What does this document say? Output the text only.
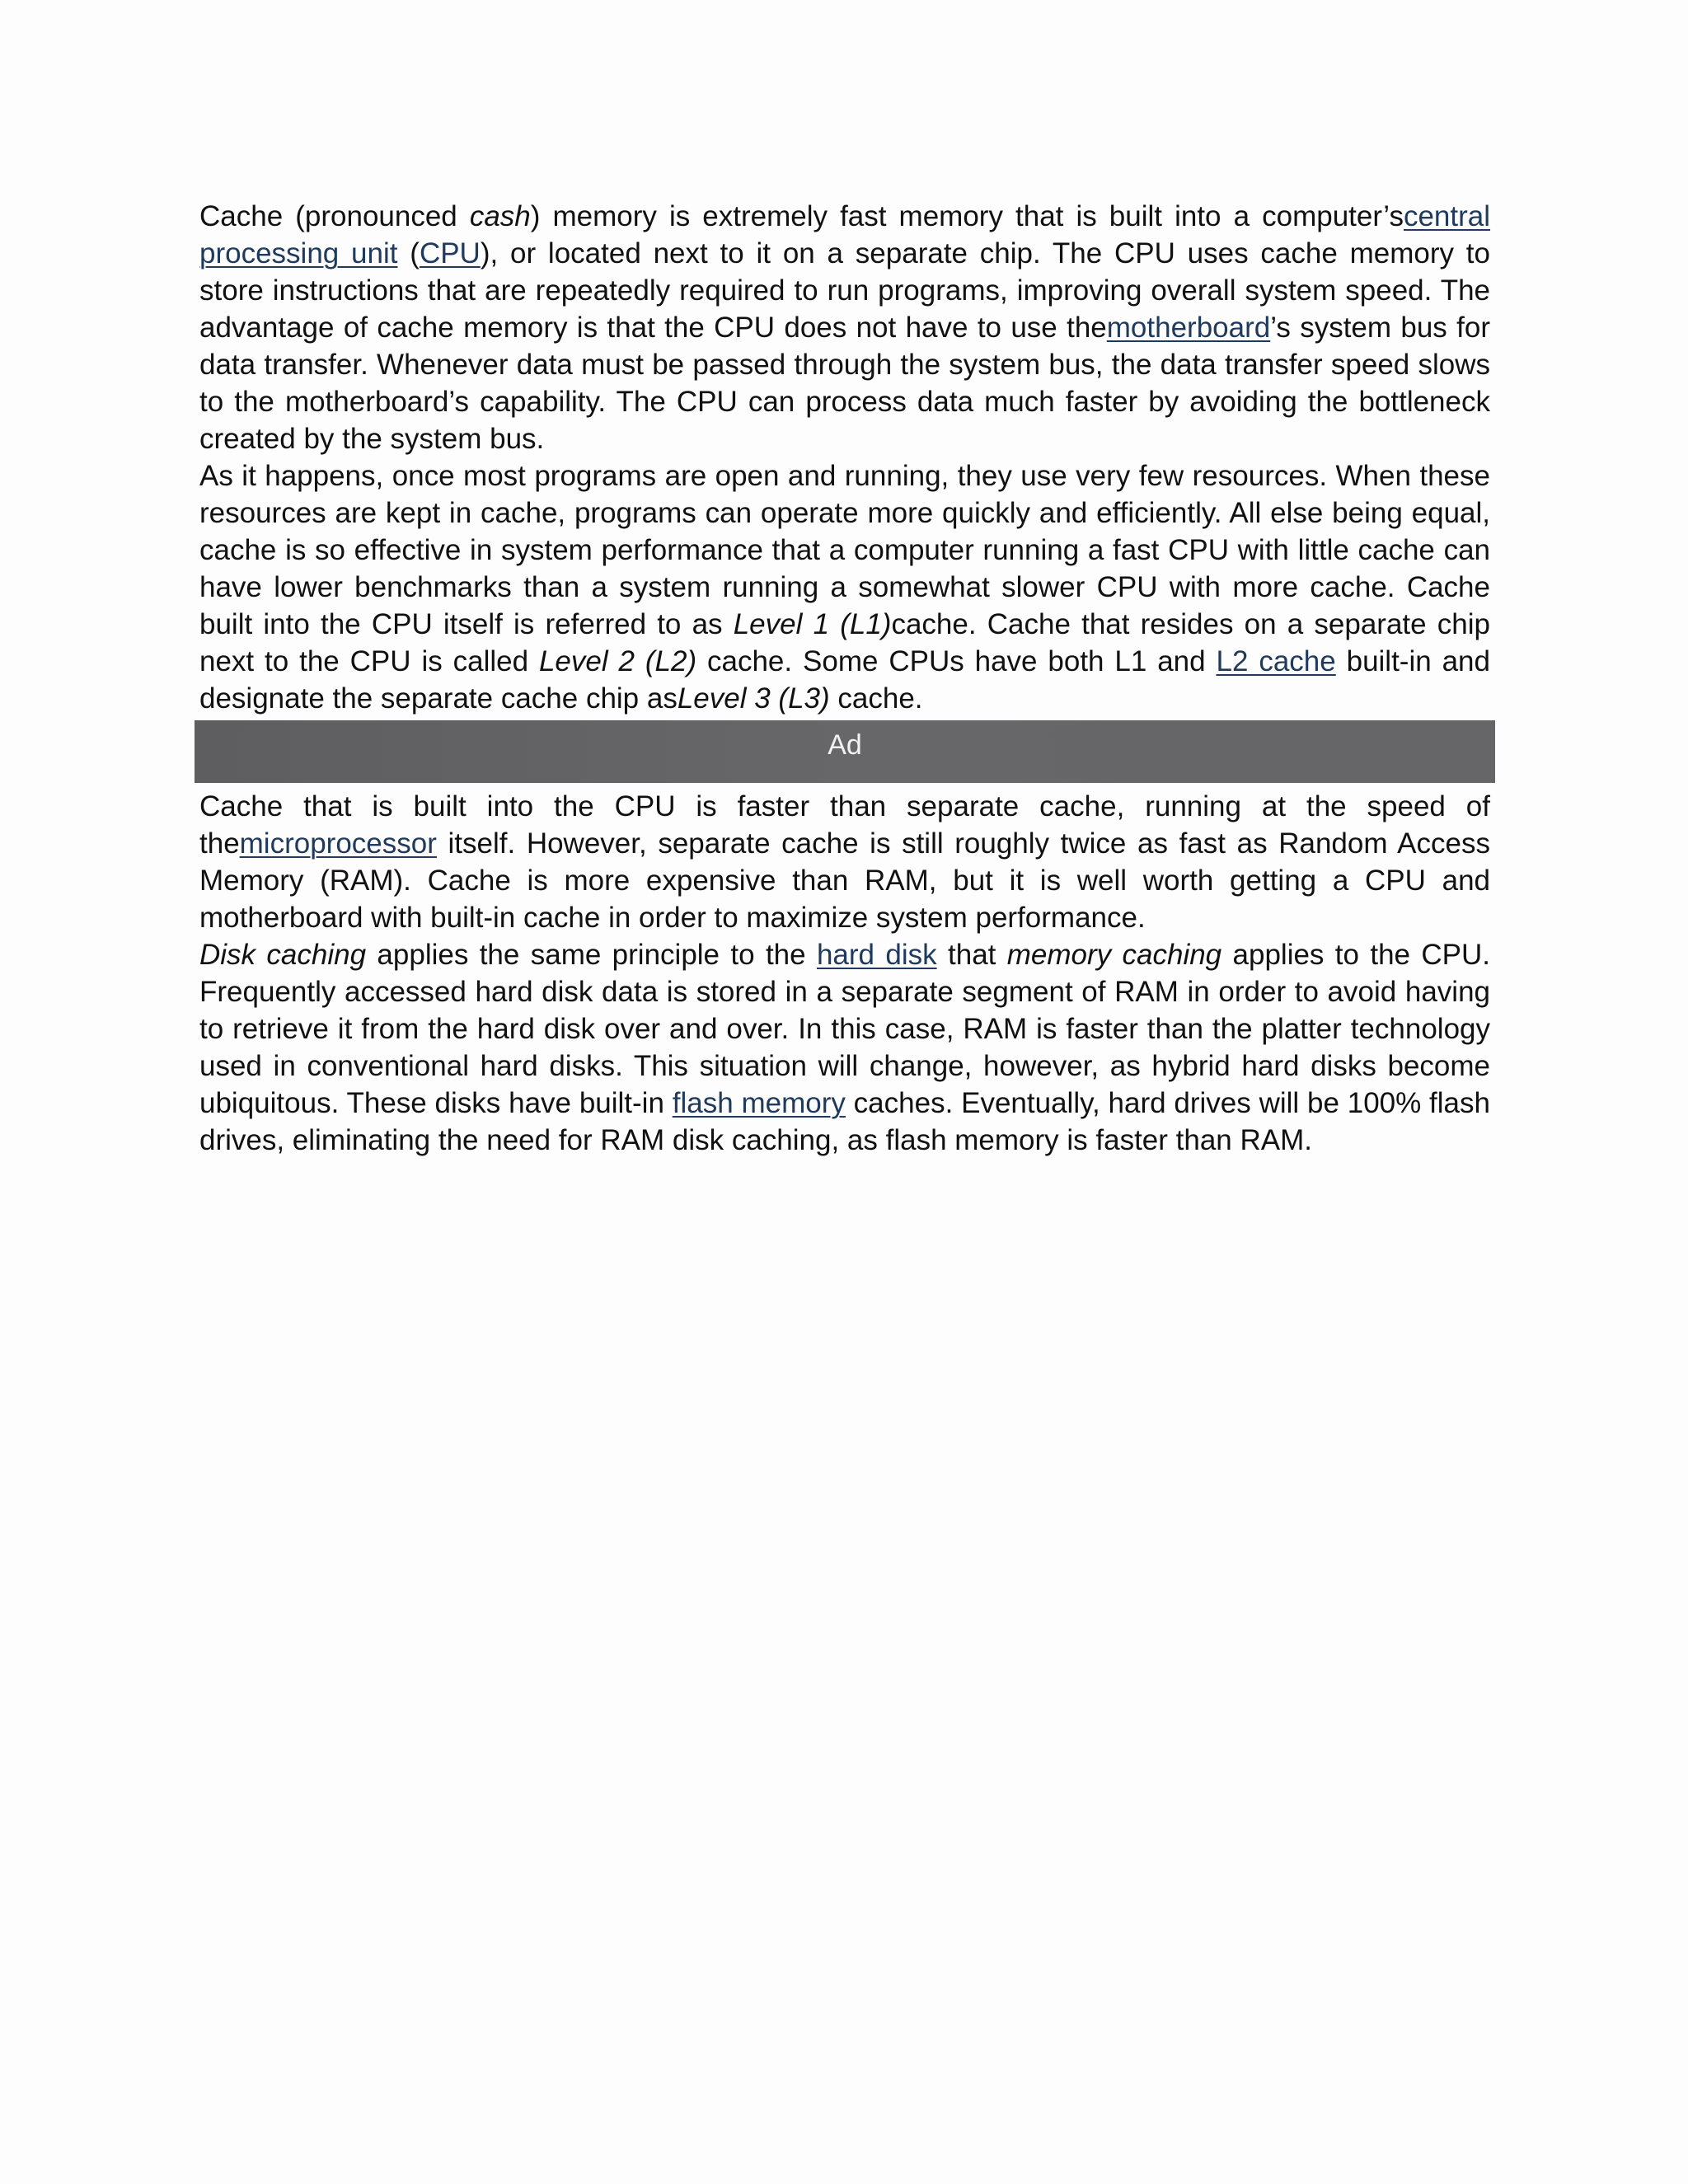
Cache (pronounced cash) memory is extremely fast memory that is built into a computer’scentral processing unit (CPU), or located next to it on a separate chip. The CPU uses cache memory to store instructions that are repeatedly required to run programs, improving overall system speed. The advantage of cache memory is that the CPU does not have to use themotherboard’s system bus for data transfer. Whenever data must be passed through the system bus, the data transfer speed slows to the motherboard’s capability. The CPU can process data much faster by avoiding the bottleneck created by the system bus.

As it happens, once most programs are open and running, they use very few resources. When these resources are kept in cache, programs can operate more quickly and efficiently. All else being equal, cache is so effective in system performance that a computer running a fast CPU with little cache can have lower benchmarks than a system running a somewhat slower CPU with more cache. Cache built into the CPU itself is referred to as Level 1 (L1)cache. Cache that resides on a separate chip next to the CPU is called Level 2 (L2) cache. Some CPUs have both L1 and L2 cache built-in and designate the separate cache chip asLevel 3 (L3) cache.

Ad

Cache that is built into the CPU is faster than separate cache, running at the speed of themicroprocessor itself. However, separate cache is still roughly twice as fast as Random Access Memory (RAM). Cache is more expensive than RAM, but it is well worth getting a CPU and motherboard with built-in cache in order to maximize system performance.

Disk caching applies the same principle to the hard disk that memory caching applies to the CPU. Frequently accessed hard disk data is stored in a separate segment of RAM in order to avoid having to retrieve it from the hard disk over and over. In this case, RAM is faster than the platter technology used in conventional hard disks. This situation will change, however, as hybrid hard disks become ubiquitous. These disks have built-in flash memory caches. Eventually, hard drives will be 100% flash drives, eliminating the need for RAM disk caching, as flash memory is faster than RAM.
